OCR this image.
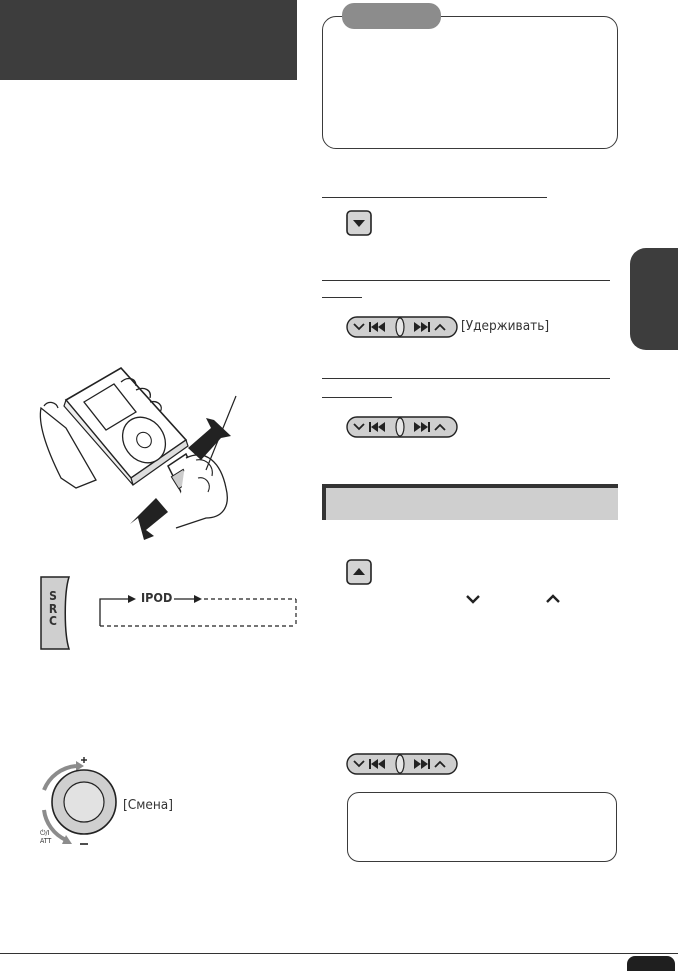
[Удерживать]
S
R
C
IPOD
[Смена]
⏻/I
ATT
